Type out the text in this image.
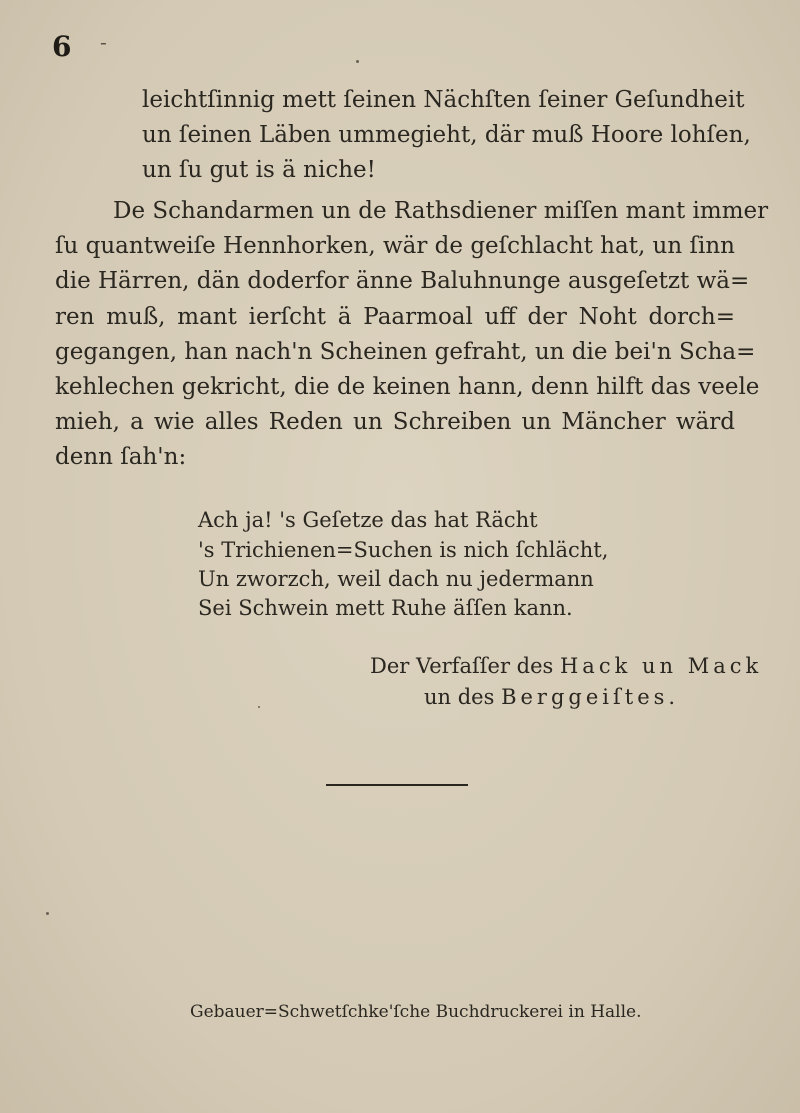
6 -
leichtſinnig mett ſeinen Nächſten ſeiner Geſundheit
un ſeinen Läben ummegieht, där muß Hoore lohſen,
un ſu gut is ä niche!
De Schandarmen un de Rathsdiener miſſen mant immer
ſu quantweiſe Hennhorken, wär de geſchlacht hat, un ſinn
die Härren, dän doderfor änne Baluhnunge ausgeſetzt wä=
ren muß, mant ierſcht ä Paarmoal uff der Noht dorch=
gegangen, han nach'n Scheinen gefraht, un die bei'n Scha=
kehlechen gekricht, die de keinen hann, denn hilft das veele
mieh, a wie alles Reden un Schreiben un Mäncher wärd
denn ſah'n:
Ach ja! 's Geſetze das hat Rächt
's Trichienen=Suchen is nich ſchlächt,
Un zworzch, weil dach nu jedermann
Sei Schwein mett Ruhe äſſen kann.
Der Verfaſſer des Hack un Mack
un des Berggeiſtes.
Gebauer=Schwetſchke'ſche Buchdruckerei in Halle.
